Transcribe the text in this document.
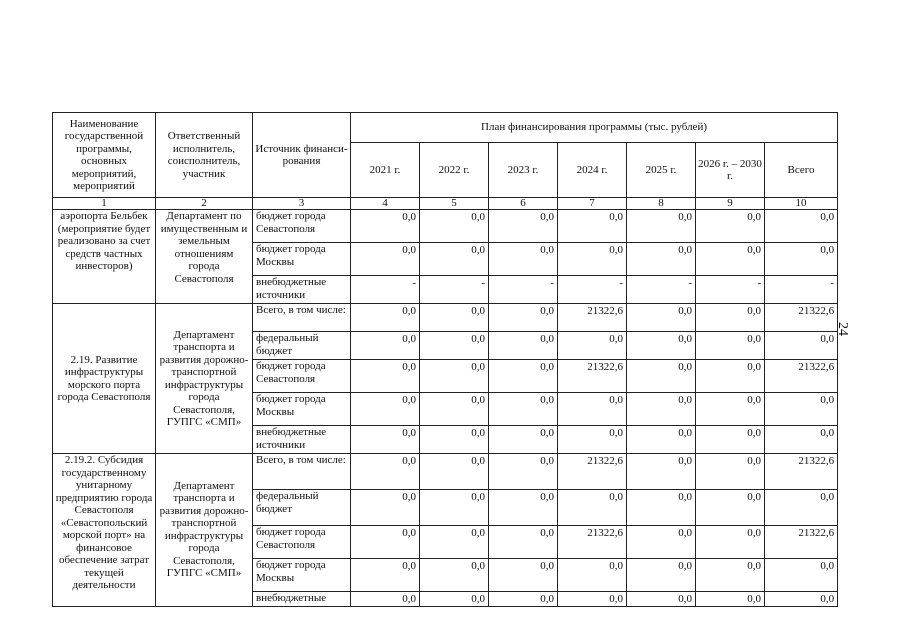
Наименование государственной программы, основных мероприятий, мероприятий	Ответственный исполнитель, соисполнитель, участник	Источник финанси-рования	План финансирования программы (тыс. рублей)						
			2021 г.	2022 г.	2023 г.	2024 г.	2025 г.	2026 г. – 2030 г.	Всего
1	2	3	4	5	6	7	8	9	10
аэропорта Бельбек (мероприятие будет реализовано за счет средств частных инвесторов)	Департамент по имущественным и земельным отношениям города Севастополя	бюджет города Севастополя	0,0	0,0	0,0	0,0	0,0	0,0	0,0
		бюджет города Москвы	0,0	0,0	0,0	0,0	0,0	0,0	0,0
		внебюджетные источники	-	-	-	-	-	-	-
2.19. Развитие инфраструктуры морского порта города Севастополя	Департамент транспорта и развития дорожно-транспортной инфраструктуры города Севастополя, ГУПГС «СМП»	Всего, в том числе:	0,0	0,0	0,0	21322,6	0,0	0,0	21322,6
		федеральный бюджет	0,0	0,0	0,0	0,0	0,0	0,0	0,0
		бюджет города Севастополя	0,0	0,0	0,0	21322,6	0,0	0,0	21322,6
		бюджет города Москвы	0,0	0,0	0,0	0,0	0,0	0,0	0,0
		внебюджетные источники	0,0	0,0	0,0	0,0	0,0	0,0	0,0
2.19.2. Субсидия государственному унитарному предприятию города Севастополя «Севастопольский морской порт» на финансовое обеспечение затрат текущей деятельности	Департамент транспорта и развития дорожно-транспортной инфраструктуры города Севастополя, ГУПГС «СМП»	Всего, в том числе:	0,0	0,0	0,0	21322,6	0,0	0,0	21322,6
		федеральный бюджет	0,0	0,0	0,0	0,0	0,0	0,0	0,0
		бюджет города Севастополя	0,0	0,0	0,0	21322,6	0,0	0,0	21322,6
		бюджет города Москвы	0,0	0,0	0,0	0,0	0,0	0,0	0,0
		внебюджетные	0,0	0,0	0,0	0,0	0,0	0,0	0,0
24
